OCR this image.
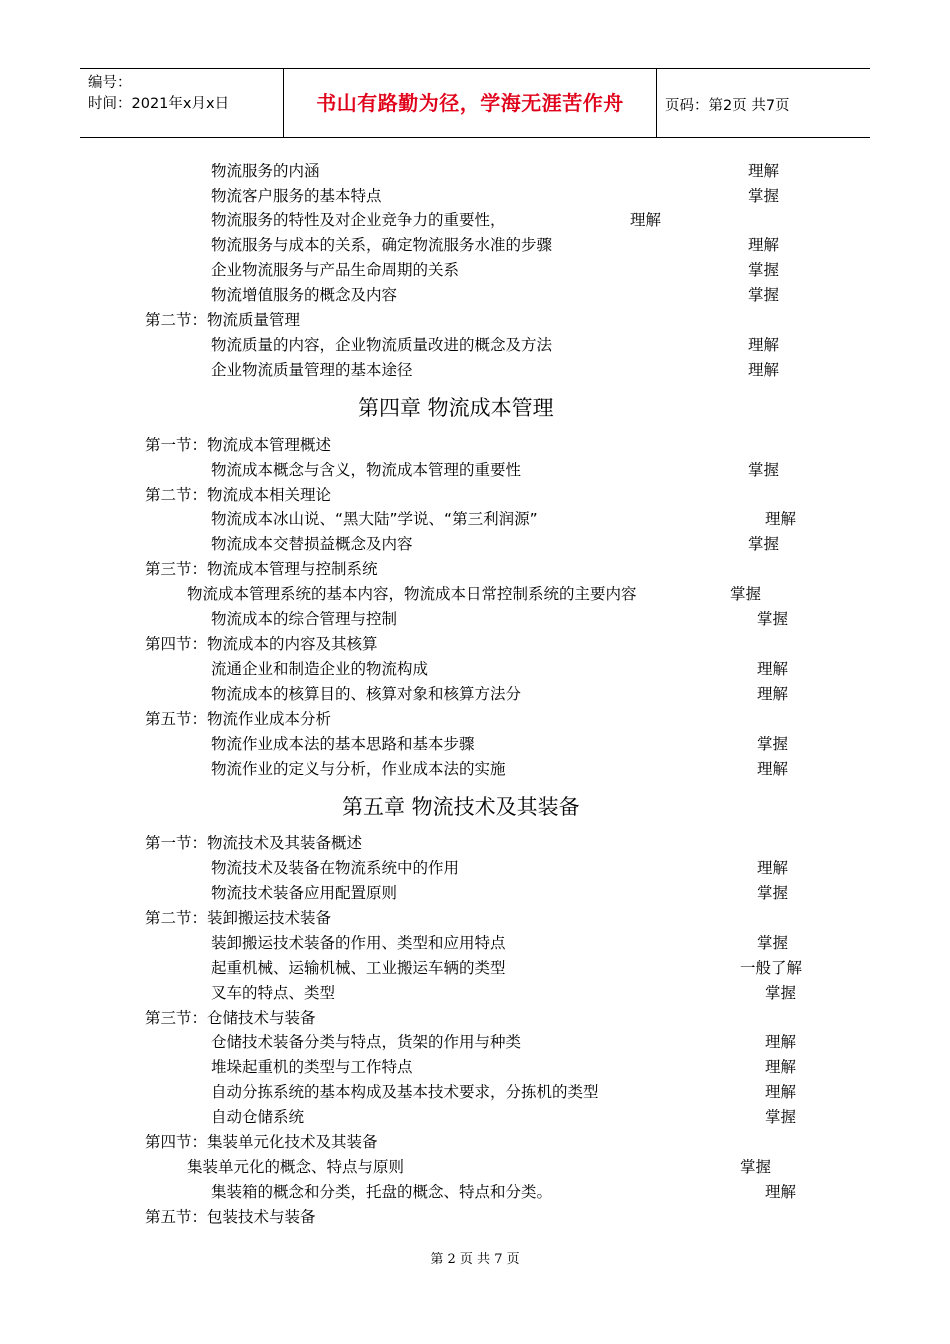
编号：
时间：2021年x月x日	书山有路勤为径，学海无涯苦作舟	页码：第2页 共7页
物流服务的内涵	理解
物流客户服务的基本特点	掌握
物流服务的特性及对企业竞争力的重要性，	理解
物流服务与成本的关系，确定物流服务水准的步骤	理解
企业物流服务与产品生命周期的关系	掌握
物流增值服务的概念及内容	掌握
第二节：物流质量管理
物流质量的内容，企业物流质量改进的概念及方法	理解
企业物流质量管理的基本途径	理解
第四章 物流成本管理
第一节：物流成本管理概述
物流成本概念与含义，物流成本管理的重要性	掌握
第二节：物流成本相关理论
物流成本冰山说、“黑大陆”学说、“第三利润源”	理解
物流成本交替损益概念及内容	掌握
第三节：物流成本管理与控制系统
物流成本管理系统的基本内容，物流成本日常控制系统的主要内容	掌握
物流成本的综合管理与控制	掌握
第四节：物流成本的内容及其核算
流通企业和制造企业的物流构成	理解
物流成本的核算目的、核算对象和核算方法分	理解
第五节：物流作业成本分析
物流作业成本法的基本思路和基本步骤	掌握
物流作业的定义与分析，作业成本法的实施	理解
第五章 物流技术及其装备
第一节：物流技术及其装备概述
物流技术及装备在物流系统中的作用	理解
物流技术装备应用配置原则	掌握
第二节：装卸搬运技术装备
装卸搬运技术装备的作用、类型和应用特点	掌握
起重机械、运输机械、工业搬运车辆的类型	一般了解
叉车的特点、类型	掌握
第三节：仓储技术与装备
仓储技术装备分类与特点，货架的作用与种类	理解
堆垛起重机的类型与工作特点	理解
自动分拣系统的基本构成及基本技术要求，分拣机的类型	理解
自动仓储系统	掌握
第四节：集装单元化技术及其装备
集装单元化的概念、特点与原则	掌握
集装箱的概念和分类，托盘的概念、特点和分类。	理解
第五节：包装技术与装备
第 2 页 共 7 页
